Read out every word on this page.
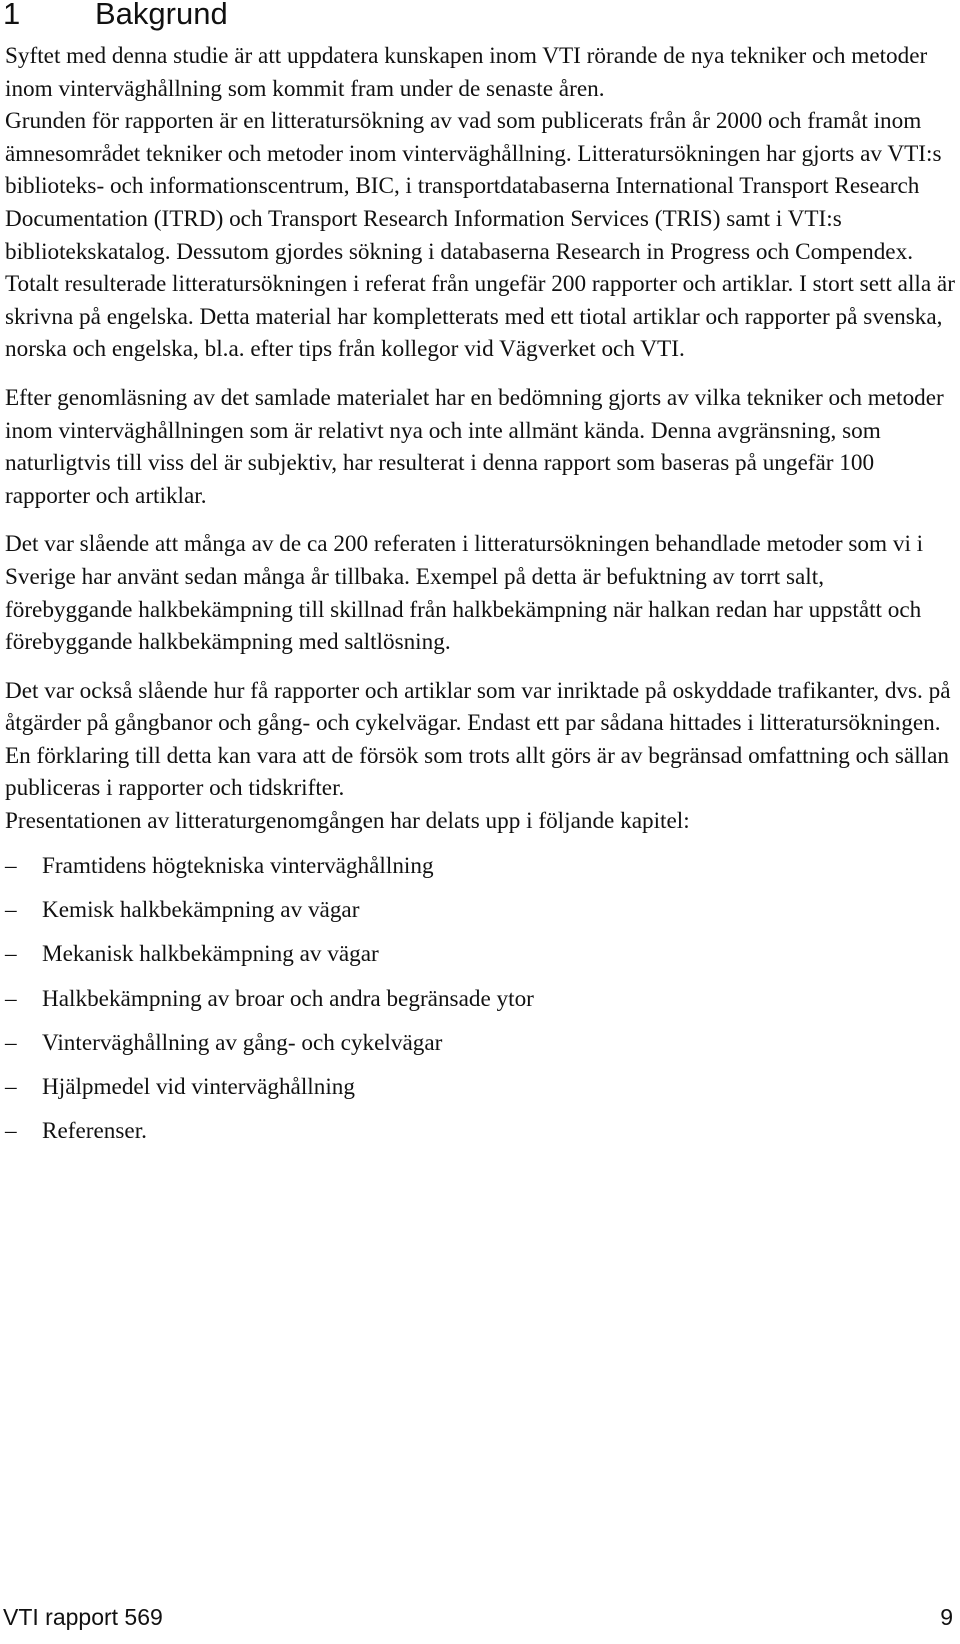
1 Bakgrund

Syftet med denna studie är att uppdatera kunskapen inom VTI rörande de nya tekniker och metoder inom vinterväghållning som kommit fram under de senaste åren.

Grunden för rapporten är en litteratursökning av vad som publicerats från år 2000 och framåt inom ämnesområdet tekniker och metoder inom vinterväghållning. Litteratursökningen har gjorts av VTI:s biblioteks- och informationscentrum, BIC, i transportdatabaserna International Transport Research Documentation (ITRD) och Transport Research Information Services (TRIS) samt i VTI:s bibliotekskatalog. Dessutom gjordes sökning i databaserna Research in Progress och Compendex. Totalt resulterade litteratursökningen i referat från ungefär 200 rapporter och artiklar. I stort sett alla är skrivna på engelska. Detta material har kompletterats med ett tiotal artiklar och rapporter på svenska, norska och engelska, bl.a. efter tips från kollegor vid Vägverket och VTI.

Efter genomläsning av det samlade materialet har en bedömning gjorts av vilka tekniker och metoder inom vinterväghållningen som är relativt nya och inte allmänt kända. Denna avgränsning, som naturligtvis till viss del är subjektiv, har resulterat i denna rapport som baseras på ungefär 100 rapporter och artiklar.

Det var slående att många av de ca 200 referaten i litteratursökningen behandlade metoder som vi i Sverige har använt sedan många år tillbaka. Exempel på detta är befuktning av torrt salt, förebyggande halkbekämpning till skillnad från halkbekämpning när halkan redan har uppstått och förebyggande halkbekämpning med saltlösning.

Det var också slående hur få rapporter och artiklar som var inriktade på oskyddade trafikanter, dvs. på åtgärder på gångbanor och gång- och cykelvägar. Endast ett par sådana hittades i litteratursökningen. En förklaring till detta kan vara att de försök som trots allt görs är av begränsad omfattning och sällan publiceras i rapporter och tidskrifter.

Presentationen av litteraturgenomgången har delats upp i följande kapitel:

–	Framtidens högtekniska vinterväghållning
–	Kemisk halkbekämpning av vägar
–	Mekanisk halkbekämpning av vägar
–	Halkbekämpning av broar och andra begränsade ytor
–	Vinterväghållning av gång- och cykelvägar
–	Hjälpmedel vid vinterväghållning
–	Referenser.
VTI rapport 569	9
